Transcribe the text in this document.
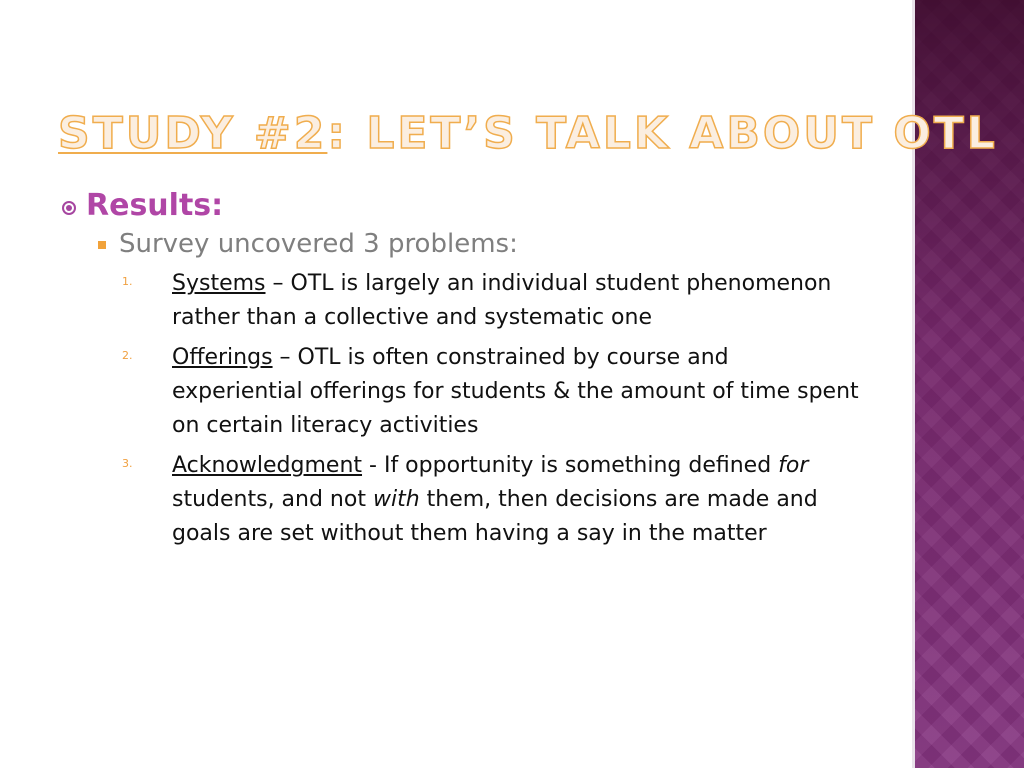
STUDY #2: LET’S TALK ABOUT OTL
Results:
Survey uncovered 3 problems:
1. Systems – OTL is largely an individual student phenomenon rather than a collective and systematic one
2. Offerings – OTL is often constrained by course and experiential offerings for students & the amount of time spent on certain literacy activities
3. Acknowledgment - If opportunity is something defined for students, and not with them, then decisions are made and goals are set without them having a say in the matter
